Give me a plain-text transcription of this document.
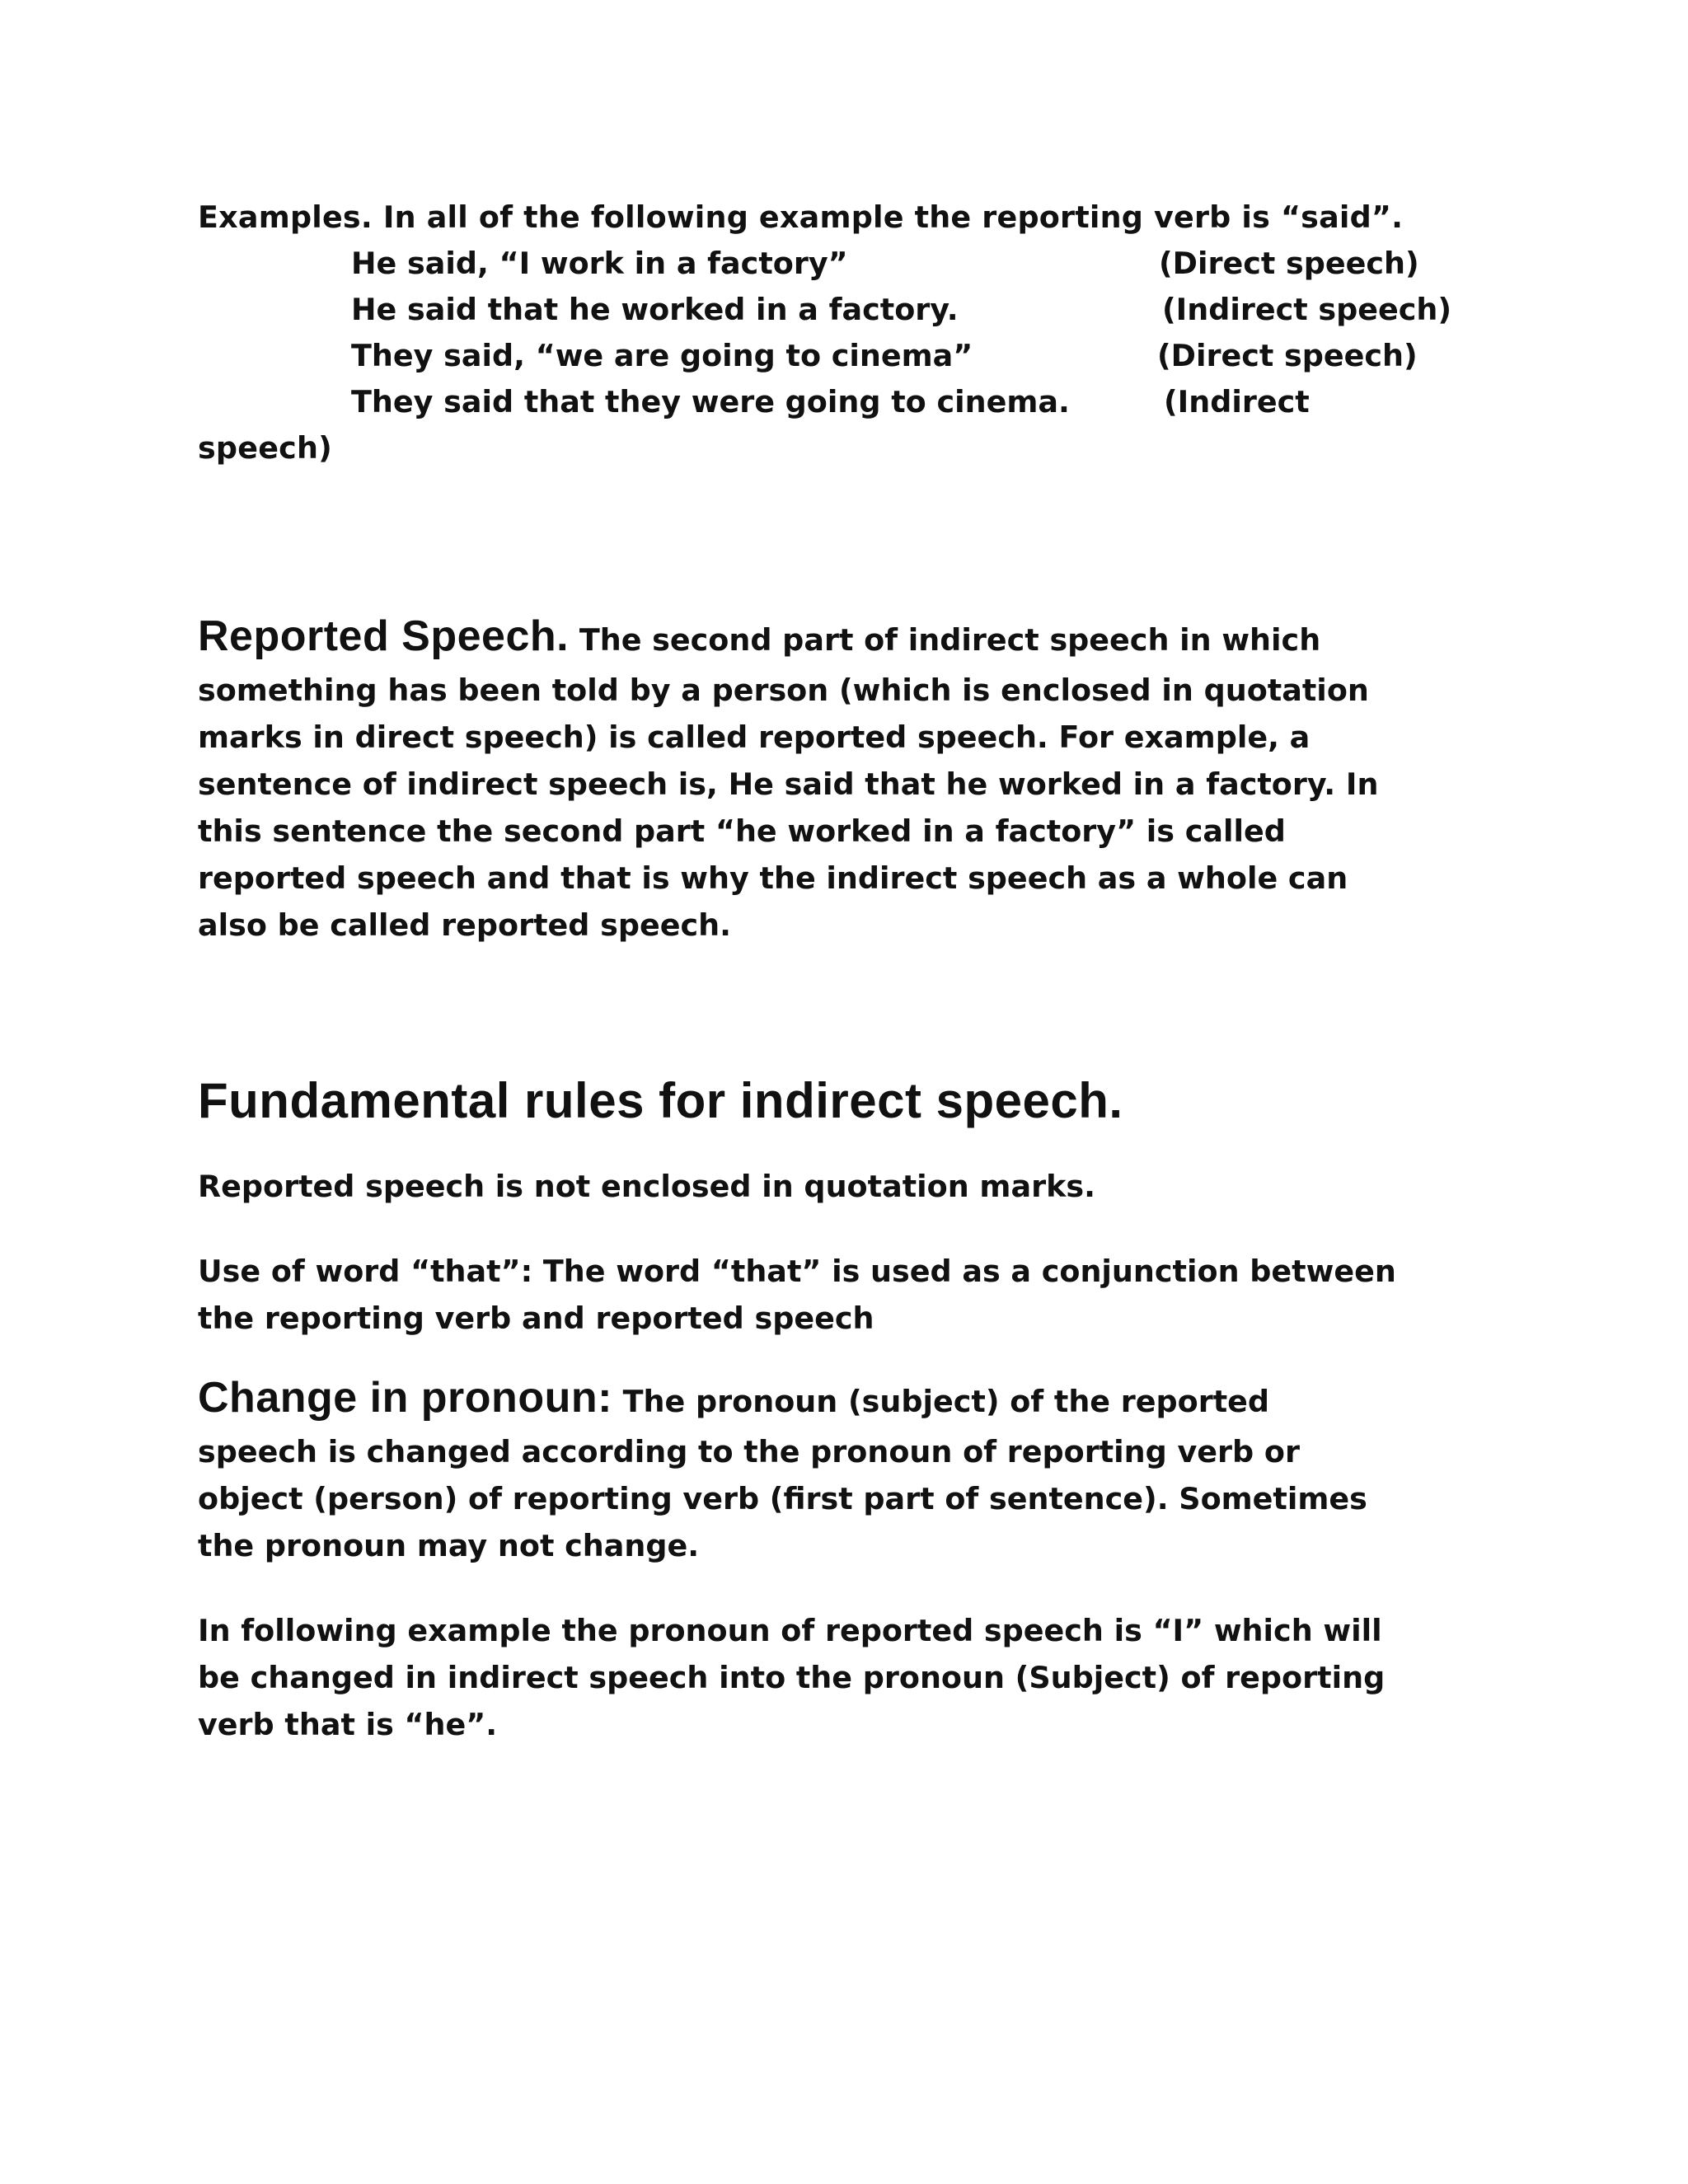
Examples. In all of the following example the reporting verb is “said”.
He said, “I work in a factory”	(Direct speech)
He said that he worked in a factory.	(Indirect speech)
They said, “we are going to cinema”	(Direct speech)
They said that they were going to cinema.	(Indirect
speech)
Reported Speech. The second part of indirect speech in which
something has been told by a person (which is enclosed in quotation
marks in direct speech) is called reported speech. For example, a
sentence of indirect speech is, He said that he worked in a factory. In
this sentence the second part “he worked in a factory” is called
reported speech and that is why the indirect speech as a whole can
also be called reported speech.
Fundamental rules for indirect speech.
Reported speech is not enclosed in quotation marks.
Use of word “that”: The word “that” is used as a conjunction between
the reporting verb and reported speech
Change in pronoun: The pronoun (subject) of the reported
speech is changed according to the pronoun of reporting verb or
object (person) of reporting verb (first part of sentence). Sometimes
the pronoun may not change.
In following example the pronoun of reported speech is “I” which will
be changed in indirect speech into the pronoun (Subject) of reporting
verb that is “he”.
